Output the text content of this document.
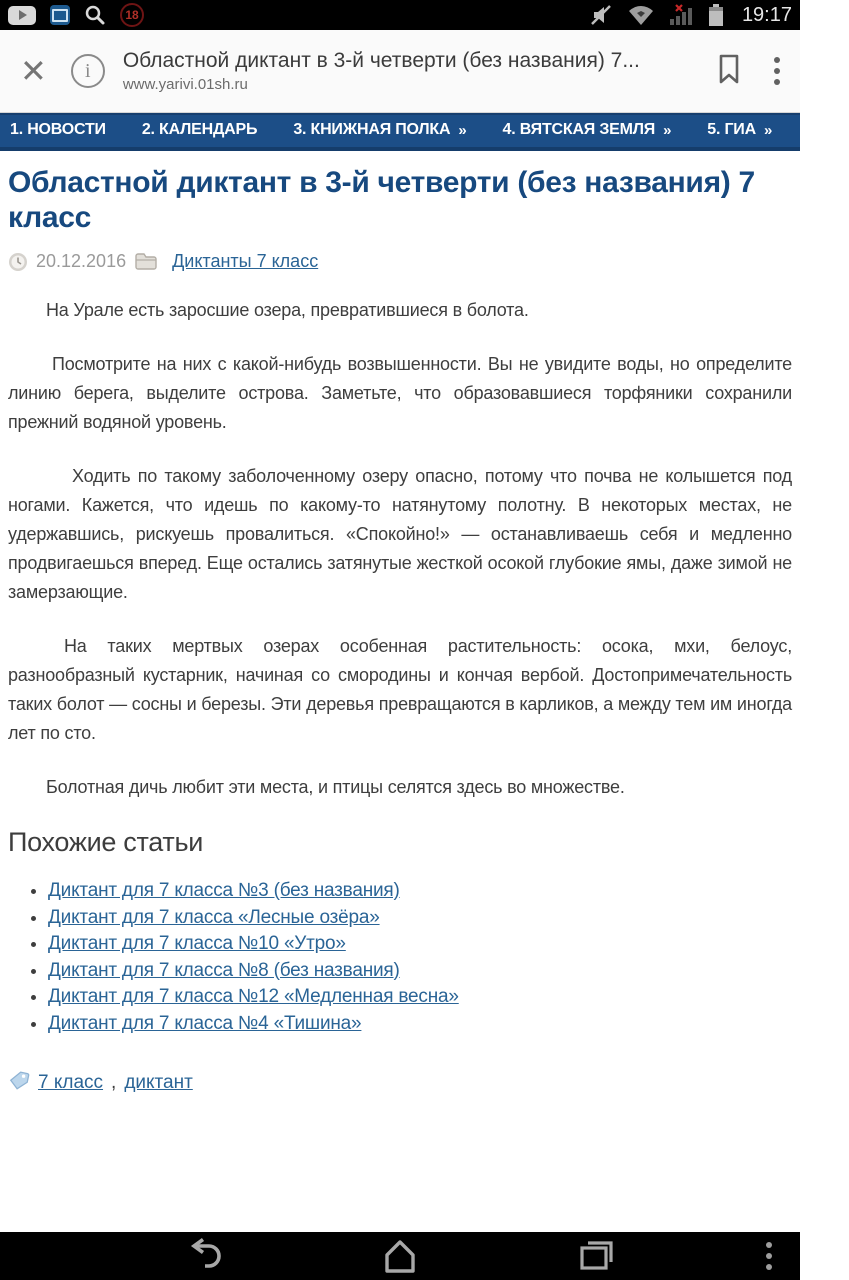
18	19:17
✕	i	Областной диктант в 3-й четверти (без названия) 7...
www.yarivi.01sh.ru
1. НОВОСТИ 2. КАЛЕНДАРЬ 3. КНИЖНАЯ ПОЛКА » 4. ВЯТСКАЯ ЗЕМЛЯ » 5. ГИА » 6. ПО
Областной диктант в 3-й четверти (без названия) 7 класс
20.12.2016	Диктанты 7 класс

На Урале есть заросшие озера, превратившиеся в болота.

Посмотрите на них с какой-нибудь возвышенности. Вы не увидите воды, но определите линию берега, выделите острова. Заметьте, что образовавшиеся торфяники сохранили прежний водяной уровень.

Ходить по такому заболоченному озеру опасно, потому что почва не колышется под ногами. Кажется, что идешь по какому-то натянутому полотну. В некоторых местах, не удержавшись, рискуешь провалиться. «Спокойно!» — останавливаешь себя и медленно продвигаешься вперед. Еще остались затянутые жесткой осокой глубокие ямы, даже зимой не замерзающие.

На таких мертвых озерах особенная растительность: осока, мхи, белоус, разнообразный кустарник, начиная со смородины и кончая вербой. Достопримечательность таких болот — сосны и березы. Эти деревья превращаются в карликов, а между тем им иногда лет по сто.

Болотная дичь любит эти места, и птицы селятся здесь во множестве.

Похожие статьи
• Диктант для 7 класса №3 (без названия)
• Диктант для 7 класса «Лесные озёра»
• Диктант для 7 класса №10 «Утро»
• Диктант для 7 класса №8 (без названия)
• Диктант для 7 класса №12 «Медленная весна»
• Диктант для 7 класса №4 «Тишина»
7 класс , диктант
